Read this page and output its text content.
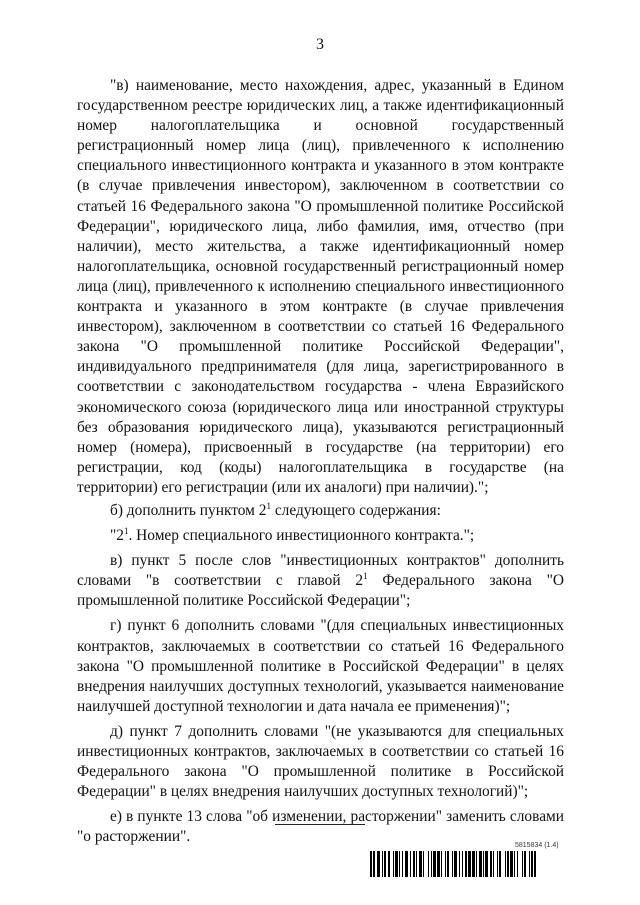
3

"в) наименование, место нахождения, адрес, указанный в Едином государственном реестре юридических лиц, а также идентификационный номер налогоплательщика и основной государственный регистрационный номер лица (лиц), привлеченного к исполнению специального инвестиционного контракта и указанного в этом контракте (в случае привлечения инвестором), заключенном в соответствии со статьей 16 Федерального закона "О промышленной политике Российской Федерации", юридического лица, либо фамилия, имя, отчество (при наличии), место жительства, а также идентификационный номер налогоплательщика, основной государственный регистрационный номер лица (лиц), привлеченного к исполнению специального инвестиционного контракта и указанного в этом контракте (в случае привлечения инвестором), заключенном в соответствии со статьей 16 Федерального закона "О промышленной политике Российской Федерации", индивидуального предпринимателя (для лица, зарегистрированного в соответствии с законодательством государства - члена Евразийского экономического союза (юридического лица или иностранной структуры без образования юридического лица), указываются регистрационный номер (номера), присвоенный в государстве (на территории) его регистрации, код (коды) налогоплательщика в государстве (на территории) его регистрации (или их аналоги) при наличии).";

б) дополнить пунктом $2^1$ следующего содержания:

"$2^1$. Номер специального инвестиционного контракта.";

в) пункт 5 после слов "инвестиционных контрактов" дополнить словами "в соответствии с главой $2^1$ Федерального закона "О промышленной политике Российской Федерации";

г) пункт 6 дополнить словами "(для специальных инвестиционных контрактов, заключаемых в соответствии со статьей 16 Федерального закона "О промышленной политике в Российской Федерации" в целях внедрения наилучших доступных технологий, указывается наименование наилучшей доступной технологии и дата начала ее применения)";

д) пункт 7 дополнить словами "(не указываются для специальных инвестиционных контрактов, заключаемых в соответствии со статьей 16 Федерального закона "О промышленной политике в Российской Федерации" в целях внедрения наилучших доступных технологий)";

е) в пункте 13 слова "об изменении, расторжении" заменить словами "о расторжении".

5815834 (1.4)
